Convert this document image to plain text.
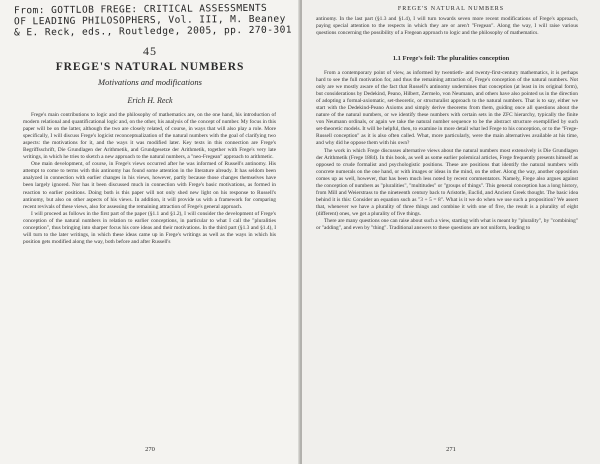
From: GOTTLOB FREGE: CRITICAL ASSESSMENTS
OF LEADING PHILOSOPHERS, Vol. III, M. Beaney
& E. Reck, eds., Routledge, 2005, pp. 270-301
45
FREGE'S NATURAL NUMBERS
Motivations and modifications
Erich H. Reck

Frege's main contributions to logic and the philosophy of mathematics are, on the one hand, his introduction of modern relational and quantificational logic and, on the other, his analysis of the concept of number. My focus in this paper will be on the latter, although the two are closely related, of course, in ways that will also play a role. More specifically, I will discuss Frege's logicist reconceptualization of the natural numbers with the goal of clarifying two aspects: the motivations for it, and the ways it was modified later. Key texts in this connection are Frege's Begriffsschrift, Die Grundlagen der Arithmetik, and Grundgesetze der Arithmetik, together with Frege's very late writings, in which he tries to sketch a new approach to the natural numbers, a "neo-Fregean" approach to arithmetic.

One main development, of course, in Frege's views occurred after he was informed of Russell's antinomy. His attempt to come to terms with this antinomy has found some attention in the literature already. It has seldom been analyzed in connection with earlier changes in his views, however, partly because those changes themselves have been largely ignored. Nor has it been discussed much in connection with Frege's basic motivations, as formed in reaction to earlier positions. Doing both is this paper will not only shed new light on his response to Russell's antinomy, but also on other aspects of his views. In addition, it will provide us with a framework for comparing recent revivals of these views, also for assessing the remaining attraction of Frege's general approach.

I will proceed as follows in the first part of the paper (§1.1 and §1.2), I will consider the development of Frege's conception of the natural numbers in relation to earlier conceptions, in particular to what I call the "pluralities conception", thus bringing into sharper focus his core ideas and their motivations. In the third part (§1.3 and §1.4), I will turn to the later writings, in which these ideas came up in Frege's writings as well as the ways in which his position gets modified along the way, both before and after Russell's

270
FREGE'S NATURAL NUMBERS

antinomy. In the last part (§1.3 and §1.4), I will turn towards seven more recent modifications of Frege's approach, paying special attention to the respects in which they are or aren't "Fregean". Along the way, I will raise various questions concerning the possibility of a Fregean approach to logic and the philosophy of mathematics.

1.1 Frege's foil: The pluralities conception

From a contemporary point of view, as informed by twentieth- and twenty-first-century mathematics, it is perhaps hard to see the full motivation for, and thus the remaining attraction of, Frege's conception of the natural numbers. Not only are we mostly aware of the fact that Russell's antinomy undermines that conception (at least in its original form), but considerations by Dedekind, Peano, Hilbert, Zermelo, von Neumann, and others have also pointed us in the direction of adopting a formal-axiomatic, set-theoretic, or structuralist approach to the natural numbers. That is to say, either we start with the Dedekind-Peano Axioms and simply derive theorems from them, guiding once all questions about the nature of the natural numbers, or we identify these numbers with certain sets in the ZFC hierarchy, typically the finite von Neumann ordinals, or again we take the natural number sequence to be the abstract structure exemplified by such set-theoretic models. It will be helpful, then, to examine in more detail what led Frege to his conception, or to the "Frege-Russell conception" as it is also often called. What, more particularly, were the main alternatives available at his time, and why did he oppose them with his own?

The work in which Frege discusses alternative views about the natural numbers most extensively is Die Grundlagen der Arithmetik (Frege 1884). In this book, as well as some earlier polemical articles, Frege frequently presents himself as opposed to crude formalist and psychologistic positions. These are positions that identify the natural numbers with concrete numerals on the one hand, or with images or ideas in the mind, on the other. Along the way, another opposition comes up as well, however, that has been much less noted by recent commentators. Namely, Frege also argues against the conception of numbers as "pluralities", "multitudes" or "groups of things". This general conception has a long history, from Mill and Weierstrass to the nineteenth century back to Aristotle, Euclid, and Ancient Greek thought. The basic idea behind it is this: Consider an equation such as "3 + 5 = 8". What is it we do when we use such a proposition? We assert that, whenever we have a plurality of three things and combine it with one of five, the result is a plurality of eight (different) ones, we get a plurality of five things.

There are many questions one can raise about such a view, starting with what is meant by "plurality", by "combining" or "adding", and even by "thing". Traditional answers to these questions are not uniform, leading to

271
